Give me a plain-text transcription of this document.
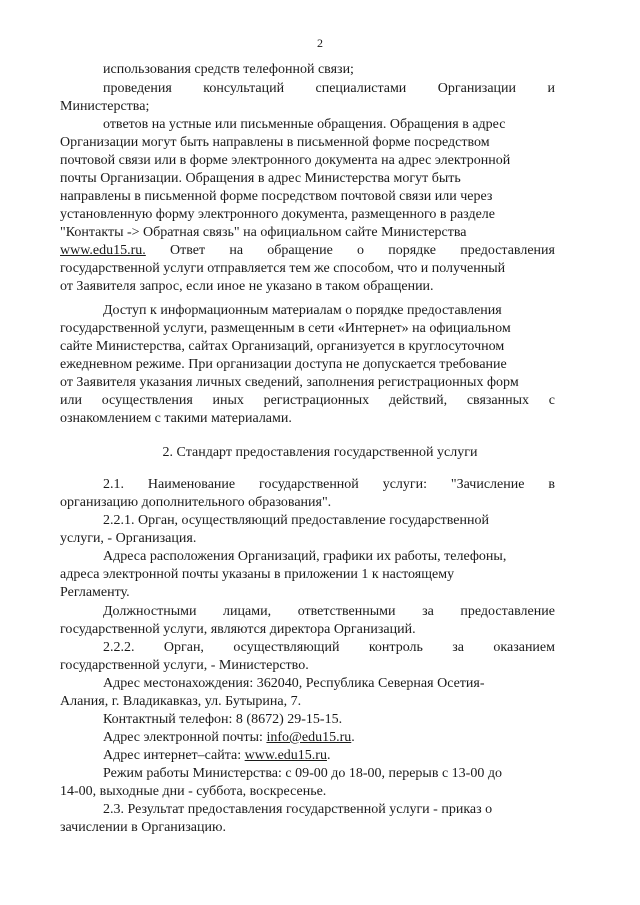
2
использования средств телефонной связи;
проведения консультаций специалистами Организации и
Министерства;
ответов на устные или письменные обращения. Обращения в адрес
Организации могут быть направлены в письменной форме посредством
почтовой связи или в форме электронного документа на адрес электронной
почты Организации. Обращения в адрес Министерства могут быть
направлены в письменной форме посредством почтовой связи или через
установленную форму электронного документа, размещенного в разделе
"Контакты -> Обратная связь" на официальном сайте Министерства
www.edu15.ru. Ответ на обращение о порядке предоставления
государственной услуги отправляется тем же способом, что и полученный
от Заявителя запрос, если иное не указано в таком обращении.
Доступ к информационным материалам о порядке предоставления
государственной услуги, размещенным в сети «Интернет» на официальном
сайте Министерства, сайтах Организаций, организуется в круглосуточном
ежедневном режиме. При организации доступа не допускается требование
от Заявителя указания личных сведений, заполнения регистрационных форм
или осуществления иных регистрационных действий, связанных с
ознакомлением с такими материалами.
2. Стандарт предоставления государственной услуги
2.1. Наименование государственной услуги: "Зачисление в
организацию дополнительного образования".
2.2.1. Орган, осуществляющий предоставление государственной
услуги, - Организация.
Адреса расположения Организаций, графики их работы, телефоны,
адреса электронной почты указаны в приложении 1 к настоящему
Регламенту.
Должностными лицами, ответственными за предоставление
государственной услуги, являются директора Организаций.
2.2.2. Орган, осуществляющий контроль за оказанием
государственной услуги, - Министерство.
Адрес местонахождения: 362040, Республика Северная Осетия-
Алания, г. Владикавказ, ул. Бутырина, 7.
Контактный телефон: 8 (8672) 29-15-15.
Адрес электронной почты: info@edu15.ru.
Адрес интернет–сайта: www.edu15.ru.
Режим работы Министерства: с 09-00 до 18-00, перерыв с 13-00 до
14-00, выходные дни - суббота, воскресенье.
2.3. Результат предоставления государственной услуги - приказ о
зачислении в Организацию.
